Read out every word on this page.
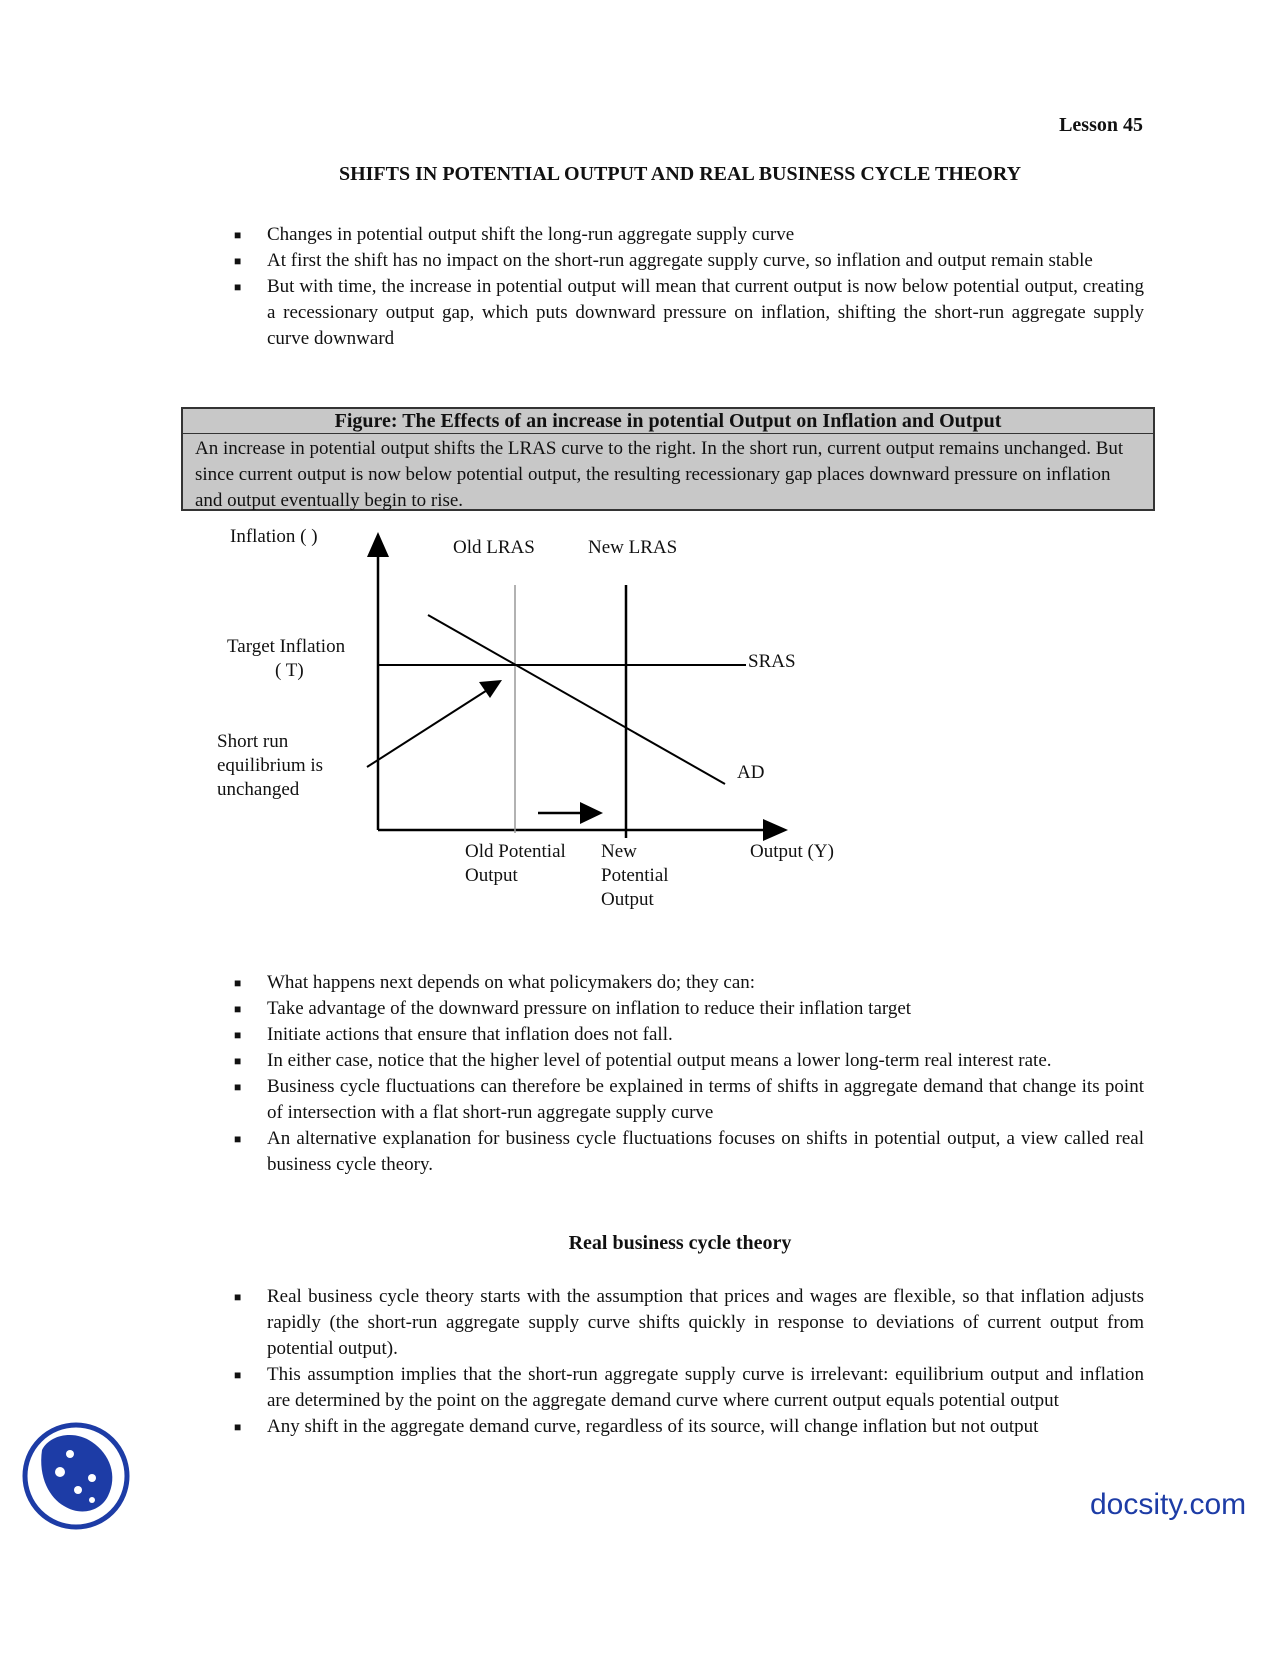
Lesson 45
SHIFTS IN POTENTIAL OUTPUT AND REAL BUSINESS CYCLE THEORY
■ Changes in potential output shift the long-run aggregate supply curve
■ At first the shift has no impact on the short-run aggregate supply curve, so inflation and output remain stable
■ But with time, the increase in potential output will mean that current output is now below potential output, creating a recessionary output gap, which puts downward pressure on inflation, shifting the short-run aggregate supply curve downward
Figure: The Effects of an increase in potential Output on Inflation and Output
An increase in potential output shifts the LRAS curve to the right. In the short run, current output remains unchanged. But since current output is now below potential output, the resulting recessionary gap places downward pressure on inflation and output eventually begin to rise.
Inflation ( )
Old LRAS	New LRAS
Target Inflation
( T)	SRAS
AD
Short run
equilibrium is
unchanged
Old Potential
Output
New
Potential
Output
Output (Y)
■ What happens next depends on what policymakers do; they can:
■ Take advantage of the downward pressure on inflation to reduce their inflation target
■ Initiate actions that ensure that inflation does not fall.
■ In either case, notice that the higher level of potential output means a lower long-term real interest rate.
■ Business cycle fluctuations can therefore be explained in terms of shifts in aggregate demand that change its point of intersection with a flat short-run aggregate supply curve
■ An alternative explanation for business cycle fluctuations focuses on shifts in potential output, a view called real business cycle theory.
Real business cycle theory
■ Real business cycle theory starts with the assumption that prices and wages are flexible, so that inflation adjusts rapidly (the short-run aggregate supply curve shifts quickly in response to deviations of current output from potential output).
■ This assumption implies that the short-run aggregate supply curve is irrelevant: equilibrium output and inflation are determined by the point on the aggregate demand curve where current output equals potential output
■ Any shift in the aggregate demand curve, regardless of its source, will change inflation but not output
docsity.com
